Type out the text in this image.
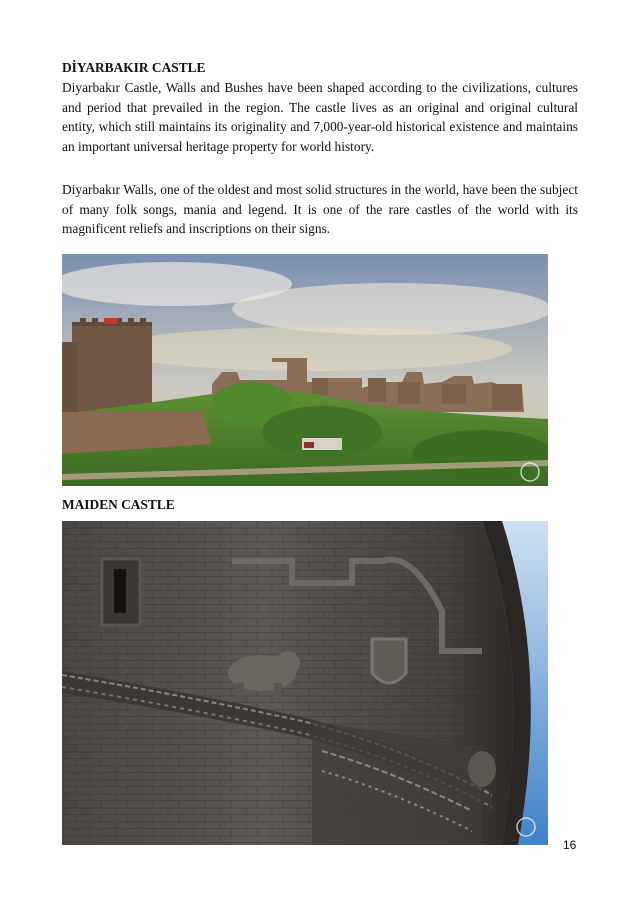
DİYARBAKIR CASTLE
Diyarbakır Castle, Walls and Bushes have been shaped according to the civilizations, cultures and period that prevailed in the region. The castle lives as an original and original cultural entity, which still maintains its originality and 7,000-year-old historical existence and maintains an important universal heritage property for world history.
Diyarbakır Walls, one of the oldest and most solid structures in the world, have been the subject of many folk songs, mania and legend. It is one of the rare castles of the world with its magnificent reliefs and inscriptions on their signs.
MAIDEN CASTLE
16
